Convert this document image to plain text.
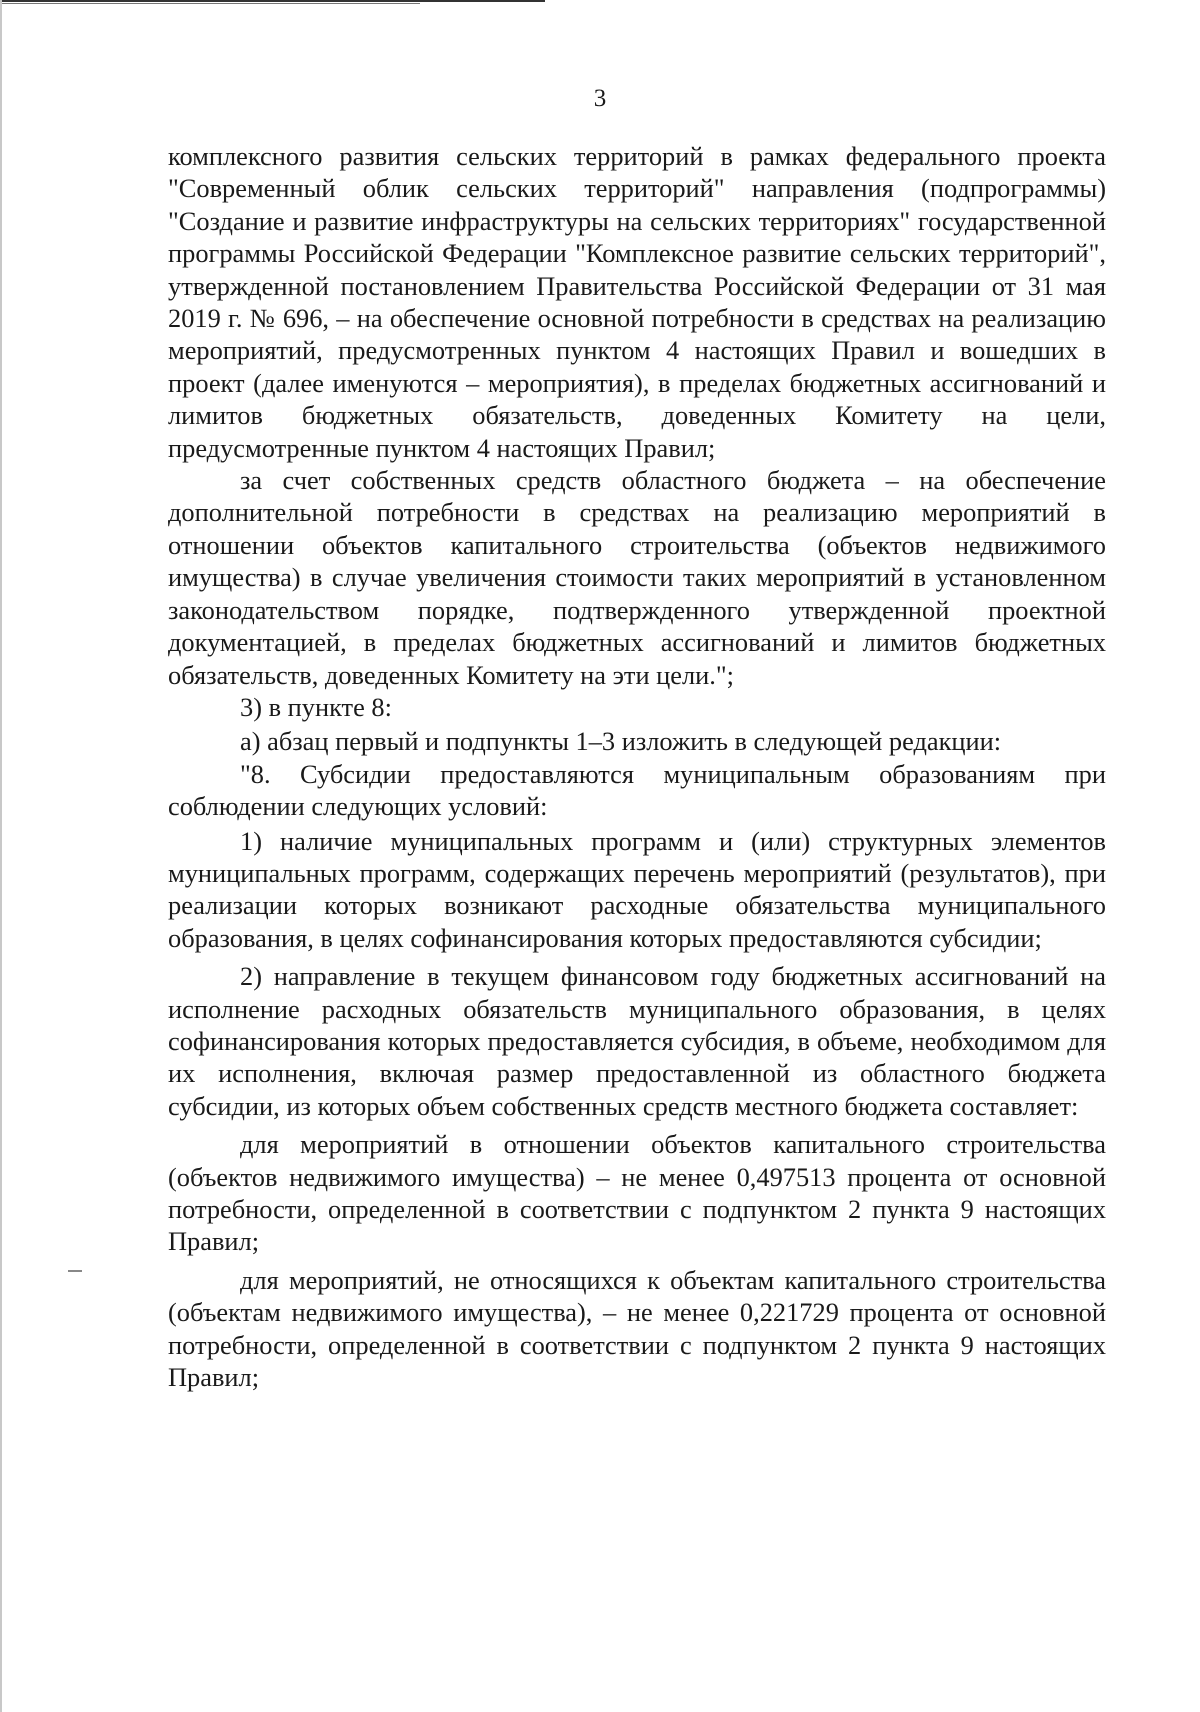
3

комплексного развития сельских территорий в рамках федерального проекта "Современный облик сельских территорий" направления (подпрограммы) "Создание и развитие инфраструктуры на сельских территориях" государственной программы Российской Федерации "Комплексное развитие сельских территорий", утвержденной постановлением Правительства Российской Федерации от 31 мая 2019 г. № 696, – на обеспечение основной потребности в средствах на реализацию мероприятий, предусмотренных пунктом 4 настоящих Правил и вошедших в проект (далее именуются – мероприятия), в пределах бюджетных ассигнований и лимитов бюджетных обязательств, доведенных Комитету на цели, предусмотренные пунктом 4 настоящих Правил;

за счет собственных средств областного бюджета – на обеспечение дополнительной потребности в средствах на реализацию мероприятий в отношении объектов капитального строительства (объектов недвижимого имущества) в случае увеличения стоимости таких мероприятий в установленном законодательством порядке, подтвержденного утвержденной проектной документацией, в пределах бюджетных ассигнований и лимитов бюджетных обязательств, доведенных Комитету на эти цели.";

3) в пункте 8:

а) абзац первый и подпункты 1–3 изложить в следующей редакции:

"8. Субсидии предоставляются муниципальным образованиям при соблюдении следующих условий:

1) наличие муниципальных программ и (или) структурных элементов муниципальных программ, содержащих перечень мероприятий (результатов), при реализации которых возникают расходные обязательства муниципального образования, в целях софинансирования которых предоставляются субсидии;

2) направление в текущем финансовом году бюджетных ассигнований на исполнение расходных обязательств муниципального образования, в целях софинансирования которых предоставляется субсидия, в объеме, необходимом для их исполнения, включая размер предоставленной из областного бюджета субсидии, из которых объем собственных средств местного бюджета составляет:

для мероприятий в отношении объектов капитального строительства (объектов недвижимого имущества) – не менее 0,497513 процента от основной потребности, определенной в соответствии с подпунктом 2 пункта 9 настоящих Правил;

для мероприятий, не относящихся к объектам капитального строительства (объектам недвижимого имущества), – не менее 0,221729 процента от основной потребности, определенной в соответствии с подпунктом 2 пункта 9 настоящих Правил;
